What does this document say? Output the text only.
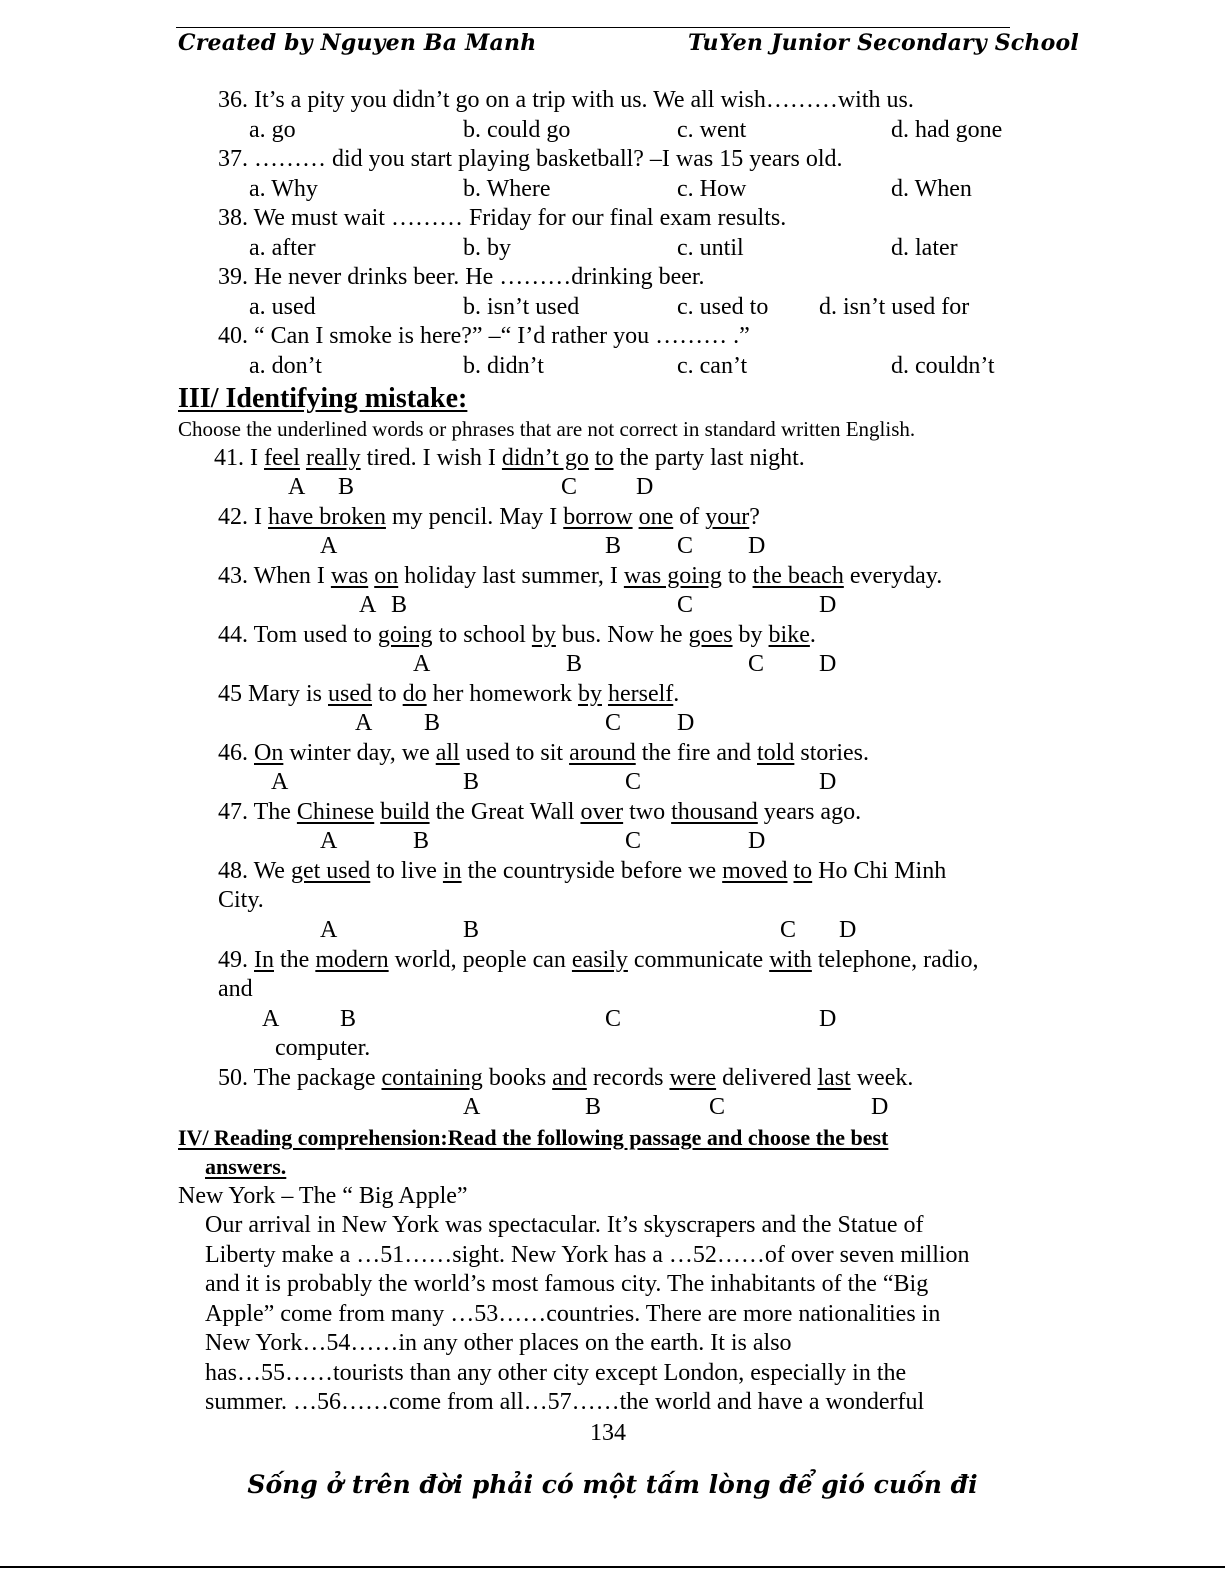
Created by Nguyen Ba Manh	TuYen Junior Secondary School
36. It’s a pity you didn’t go on a trip with us. We all wish………with us.
a. go	b. could go	c. went	d. had gone
37. ……… did you start playing basketball? –I was 15 years old.
a. Why	b. Where	c. How	d. When
38. We must wait ……… Friday for our final exam results.
a. after	b. by	c. until	d. later
39. He never drinks beer. He ………drinking beer.
a. used	b. isn’t used	c. used to d. isn’t used for
40. “ Can I smoke is here?” –“ I’d rather you ……… .”
a. don’t	b. didn’t	c. can’t	d. couldn’t
III/ Identifying mistake:
Choose the underlined words or phrases that are not correct in standard written English.
41. I feel really tired. I wish I didn’t go to the party last night.
A B	C D
42. I have broken my pencil. May I borrow one of your?
A	B C D
43. When I was on holiday last summer, I was going to the beach everyday.
A B	C	D
44. Tom used to going to school by bus. Now he goes by bike.
A	B	C D
45 Mary is used to do her homework by herself.
A B	C D
46. On winter day, we all used to sit around the fire and told stories.
A	B	C	D
47. The Chinese build the Great Wall over two thousand years ago.
A	B	C	D
48. We get used to live in the countryside before we moved to Ho Chi Minh
City.
A	B	C D
49. In the modern world, people can easily communicate with telephone, radio,
and
A	B	C	D
computer.
50. The package containing books and records were delivered last week.
A	B	C	D
IV/ Reading comprehension:Read the following passage and choose the best
answers.
New York – The “ Big Apple”
Our arrival in New York was spectacular. It’s skyscrapers and the Statue of
Liberty make a …51……sight. New York has a …52……of over seven million
and it is probably the world’s most famous city. The inhabitants of the “Big
Apple” come from many …53……countries. There are more nationalities in
New York…54……in any other places on the earth. It is also
has…55……tourists than any other city except London, especially in the
summer. …56……come from all…57……the world and have a wonderful
134
Sống ở trên đời phải có một tấm lòng để gió cuốn đi
